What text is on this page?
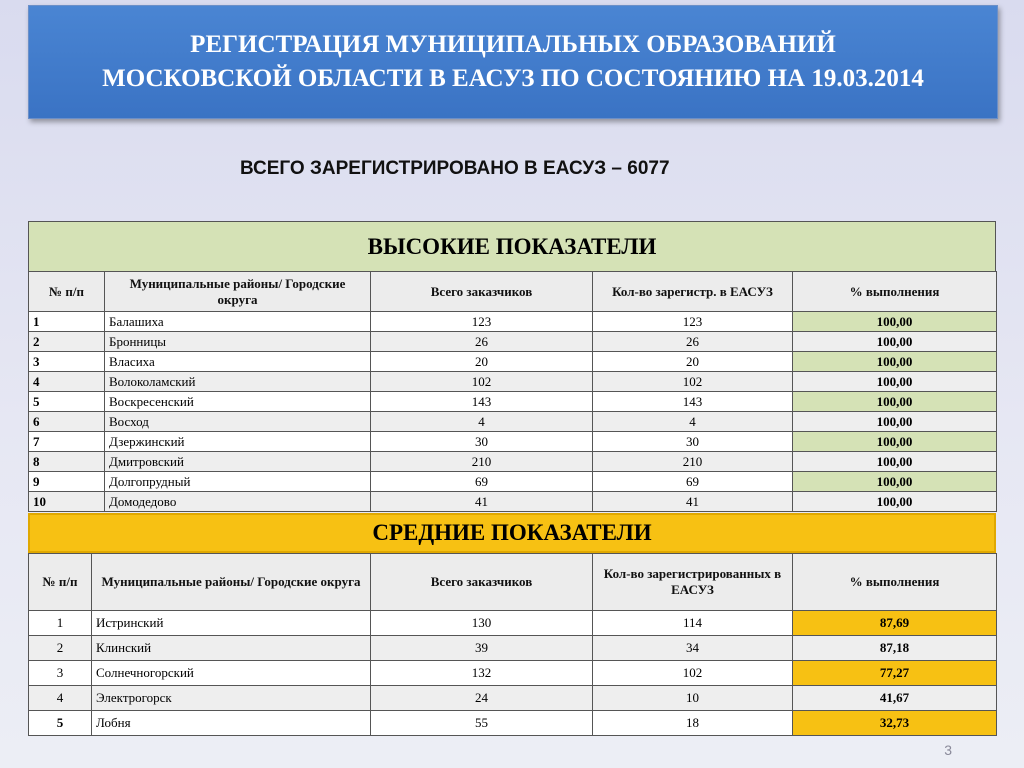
РЕГИСТРАЦИЯ МУНИЦИПАЛЬНЫХ ОБРАЗОВАНИЙ
МОСКОВСКОЙ ОБЛАСТИ В ЕАСУЗ ПО СОСТОЯНИЮ НА 19.03.2014
ВСЕГО ЗАРЕГИСТРИРОВАНО В ЕАСУЗ – 6077
ВЫСОКИЕ ПОКАЗАТЕЛИ
№ п/п	Муниципальные районы/ Городские округа	Всего заказчиков	Кол-во зарегистр. в ЕАСУЗ	% выполнения
1	Балашиха	123	123	100,00
2	Бронницы	26	26	100,00
3	Власиха	20	20	100,00
4	Волоколамский	102	102	100,00
5	Воскресенский	143	143	100,00
6	Восход	4	4	100,00
7	Дзержинский	30	30	100,00
8	Дмитровский	210	210	100,00
9	Долгопрудный	69	69	100,00
10	Домодедово	41	41	100,00
СРЕДНИЕ ПОКАЗАТЕЛИ
№ п/п	Муниципальные районы/ Городские округа	Всего заказчиков	Кол-во зарегистрированных в ЕАСУЗ	% выполнения
1	Истринский	130	114	87,69
2	Клинский	39	34	87,18
3	Солнечногорский	132	102	77,27
4	Электрогорск	24	10	41,67
5	Лобня	55	18	32,73
3
